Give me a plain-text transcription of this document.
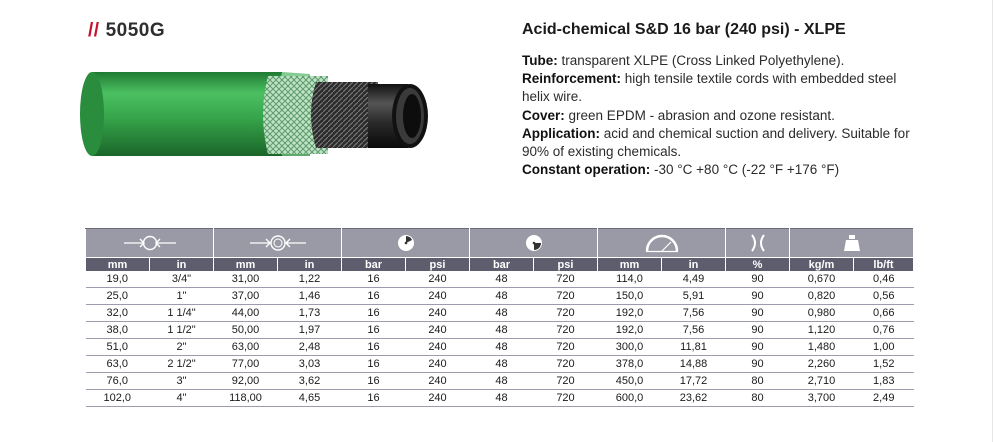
// 5050G	Acid-chemical S&D 16 bar (240 psi) - XLPE

Tube: transparent XLPE (Cross Linked Polyethylene).

Reinforcement: high tensile textile cords with embedded steel helix wire.

Cover: green EPDM - abrasion and ozone resistant.

Application: acid and chemical suction and delivery. Suitable for 90% of existing chemicals.

Constant operation: -30 °C +80 °C (-22 °F +176 °F)

mm	in	mm	in	bar	psi	bar	psi	mm	in	%	kg/m	lb/ft
19,0	3/4"	31,00	1,22	16	240	48	720	114,0	4,49	90	0,670	0,46
25,0	1"	37,00	1,46	16	240	48	720	150,0	5,91	90	0,820	0,56
32,0	1 1/4"	44,00	1,73	16	240	48	720	192,0	7,56	90	0,980	0,66
38,0	1 1/2"	50,00	1,97	16	240	48	720	192,0	7,56	90	1,120	0,76
51,0	2"	63,00	2,48	16	240	48	720	300,0	11,81	90	1,480	1,00
63,0	2 1/2"	77,00	3,03	16	240	48	720	378,0	14,88	90	2,260	1,52
76,0	3"	92,00	3,62	16	240	48	720	450,0	17,72	80	2,710	1,83
102,0	4"	118,00	4,65	16	240	48	720	600,0	23,62	80	3,700	2,49
